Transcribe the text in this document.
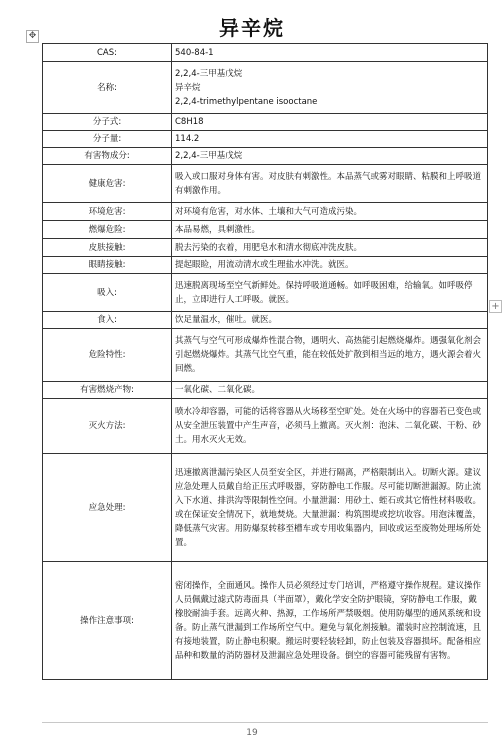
✥
+
异辛烷
CAS:	540-84-1

名称:	2,2,4-三甲基戊烷
异辛烷
2,2,4-trimethylpentane isooctane

分子式:	C8H18

分子量:	114.2

有害物成分:	2,2,4-三甲基戊烷

健康危害:	吸入或口服对身体有害。对皮肤有刺激性。本品蒸气或雾对眼睛、粘膜和上呼吸道有刺激作用。

环境危害:	对环境有危害，对水体、土壤和大气可造成污染。

燃爆危险:	本品易燃，具刺激性。

皮肤接触:	脱去污染的衣着，用肥皂水和清水彻底冲洗皮肤。

眼睛接触:	提起眼睑，用流动清水或生理盐水冲洗。就医。

吸入:	迅速脱离现场至空气新鲜处。保持呼吸道通畅。如呼吸困难，给输氧。如呼吸停止，立即进行人工呼吸。就医。

食入:	饮足量温水，催吐。就医。

危险特性:	其蒸气与空气可形成爆炸性混合物，遇明火、高热能引起燃烧爆炸。遇强氧化剂会引起燃烧爆炸。其蒸气比空气重，能在较低处扩散到相当远的地方，遇火源会着火回燃。

有害燃烧产物:	一氧化碳、二氧化碳。

灭火方法:	喷水冷却容器，可能的话将容器从火场移至空旷处。处在火场中的容器若已变色或从安全泄压装置中产生声音，必须马上撤离。灭火剂：泡沫、二氧化碳、干粉、砂土。用水灭火无效。

应急处理:	迅速撤离泄漏污染区人员至安全区，并进行隔离，严格限制出入。切断火源。建议应急处理人员戴自给正压式呼吸器，穿防静电工作服。尽可能切断泄漏源。防止流入下水道、排洪沟等限制性空间。小量泄漏：用砂土、蛭石或其它惰性材料吸收。或在保证安全情况下，就地焚烧。大量泄漏：构筑围堤或挖坑收容。用泡沫覆盖，降低蒸气灾害。用防爆泵转移至槽车或专用收集器内，回收或运至废物处理场所处置。

操作注意事项:	密闭操作，全面通风。操作人员必须经过专门培训，严格遵守操作规程。建议操作人员佩戴过滤式防毒面具（半面罩），戴化学安全防护眼镜，穿防静电工作服，戴橡胶耐油手套。远离火种、热源，工作场所严禁吸烟。使用防爆型的通风系统和设备。防止蒸气泄漏到工作场所空气中。避免与氧化剂接触。灌装时应控制流速，且有接地装置，防止静电积聚。搬运时要轻装轻卸，防止包装及容器损坏。配备相应品种和数量的消防器材及泄漏应急处理设备。倒空的容器可能残留有害物。
19
